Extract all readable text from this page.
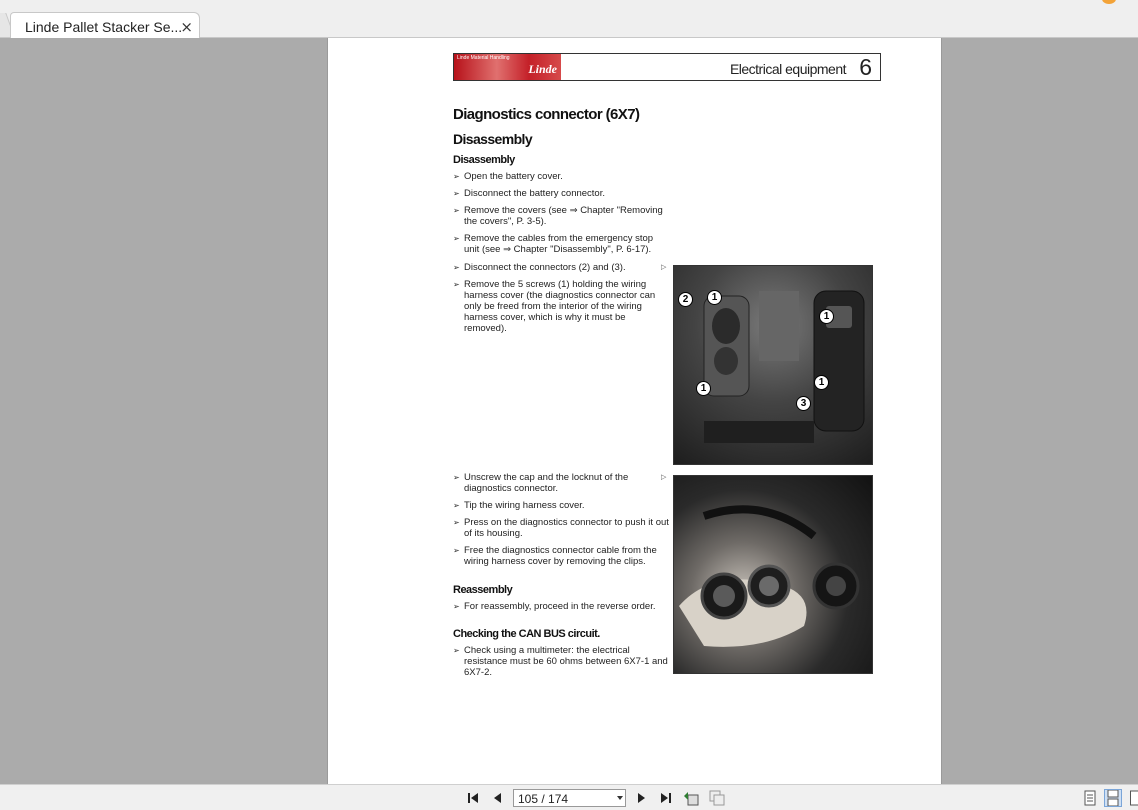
Linde Pallet Stacker Se...
×
Linde Material Handling
Linde	Electrical equipment 6
Diagnostics connector (6X7)
Disassembly
Disassembly
➢ Open the battery cover.
➢ Disconnect the battery connector.
➢ Remove the covers (see ⇒ Chapter "Removing the covers", P. 3-5).
➢ Remove the cables from the emergency stop unit (see ⇒ Chapter "Disassembly", P. 6-17).
➢ Disconnect the connectors (2) and (3).
➢ Remove the 5 screws (1) holding the wiring harness cover (the diagnostics connector can only be freed from the interior of the wiring harness cover, which is why it must be removed).
▷
2	1
1
1
1
3
➢ Unscrew the cap and the locknut of the diagnostics connector.
➢ Tip the wiring harness cover.
➢ Press on the diagnostics connector to push it out of its housing.
➢ Free the diagnostics connector cable from the wiring harness cover by removing the clips.
▷
Reassembly
➢ For reassembly, proceed in the reverse order.
Checking the CAN BUS circuit.
➢ Check using a multimeter: the electrical resistance must be 60 ohms between 6X7-1 and 6X7-2.
105 / 174
